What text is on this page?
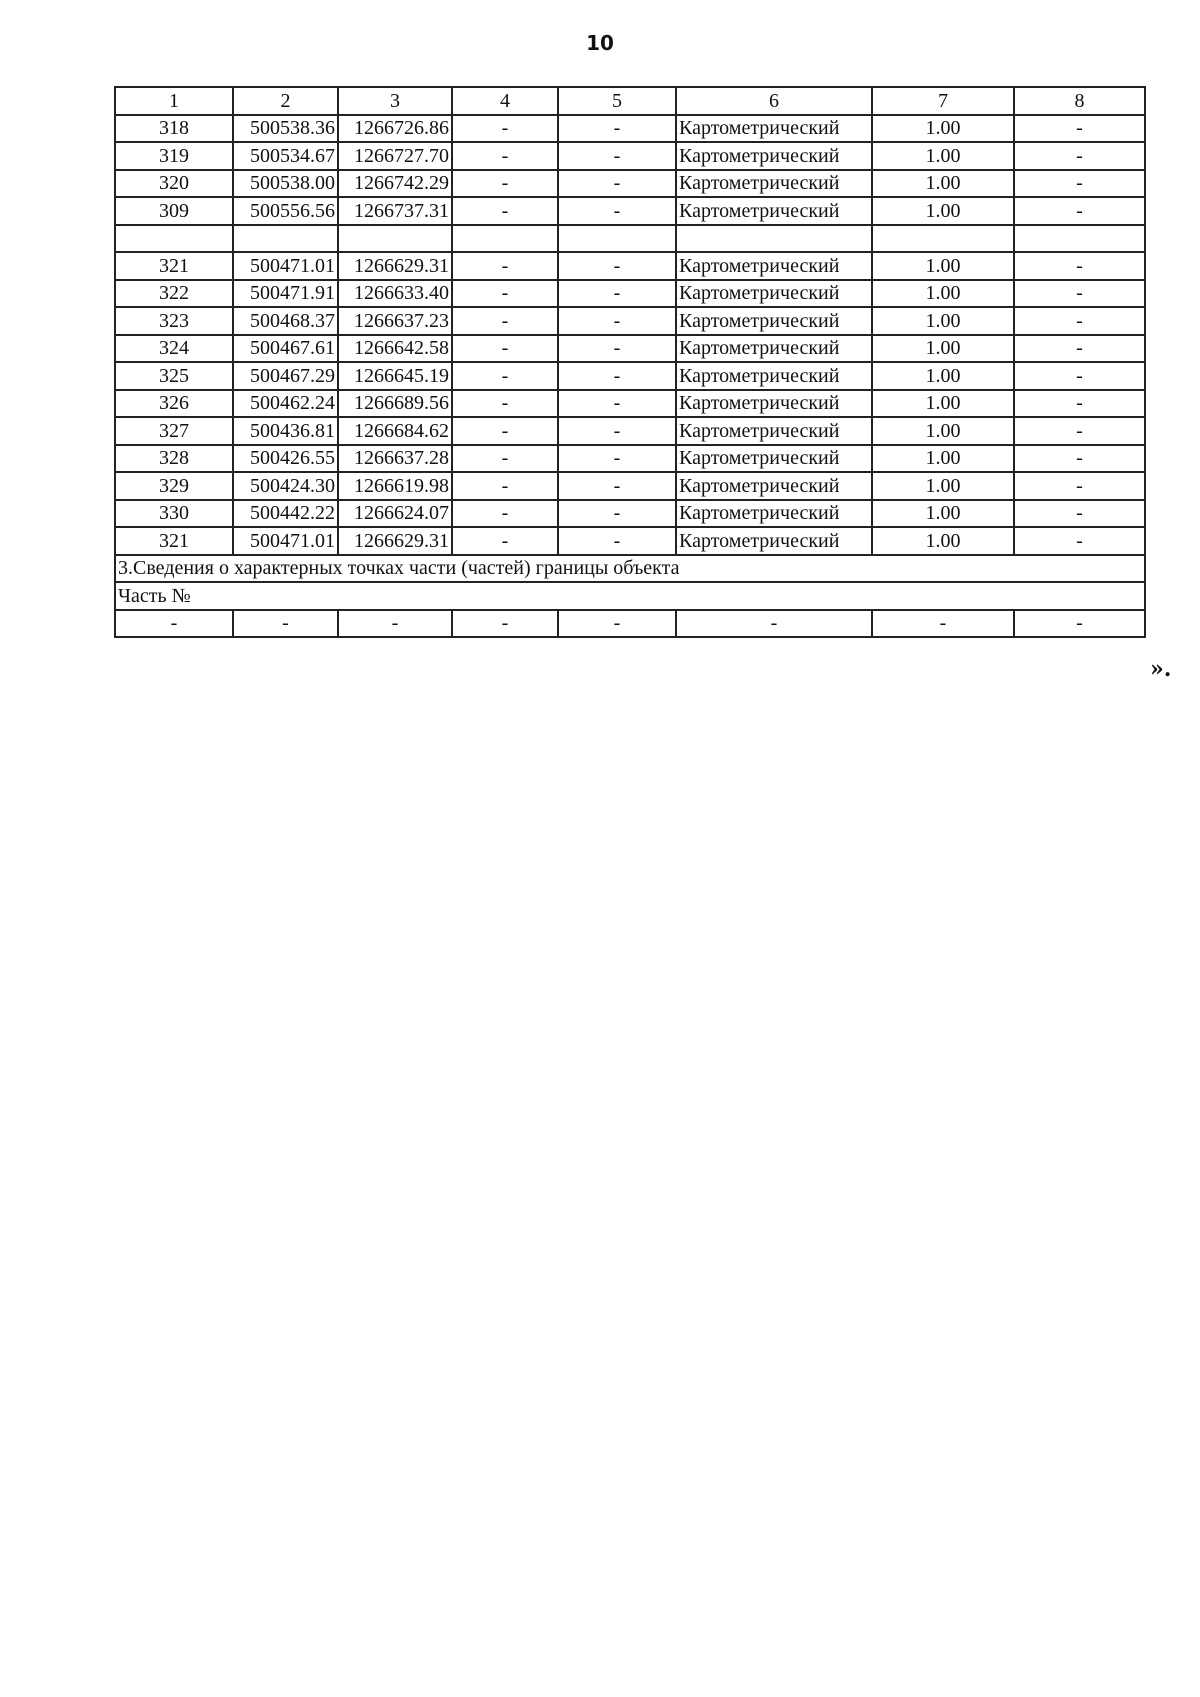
10
1	2	3	4	5	6	7	8
318	500538.36	1266726.86	-	-	Картометрический	1.00	-
319	500534.67	1266727.70	-	-	Картометрический	1.00	-
320	500538.00	1266742.29	-	-	Картометрический	1.00	-
309	500556.56	1266737.31	-	-	Картометрический	1.00	-

321	500471.01	1266629.31	-	-	Картометрический	1.00	-
322	500471.91	1266633.40	-	-	Картометрический	1.00	-
323	500468.37	1266637.23	-	-	Картометрический	1.00	-
324	500467.61	1266642.58	-	-	Картометрический	1.00	-
325	500467.29	1266645.19	-	-	Картометрический	1.00	-
326	500462.24	1266689.56	-	-	Картометрический	1.00	-
327	500436.81	1266684.62	-	-	Картометрический	1.00	-
328	500426.55	1266637.28	-	-	Картометрический	1.00	-
329	500424.30	1266619.98	-	-	Картометрический	1.00	-
330	500442.22	1266624.07	-	-	Картометрический	1.00	-
321	500471.01	1266629.31	-	-	Картометрический	1.00	-
3.Сведения о характерных точках части (частей) границы объекта							
Часть №							
-	-	-	-	-	-	-	-
».
